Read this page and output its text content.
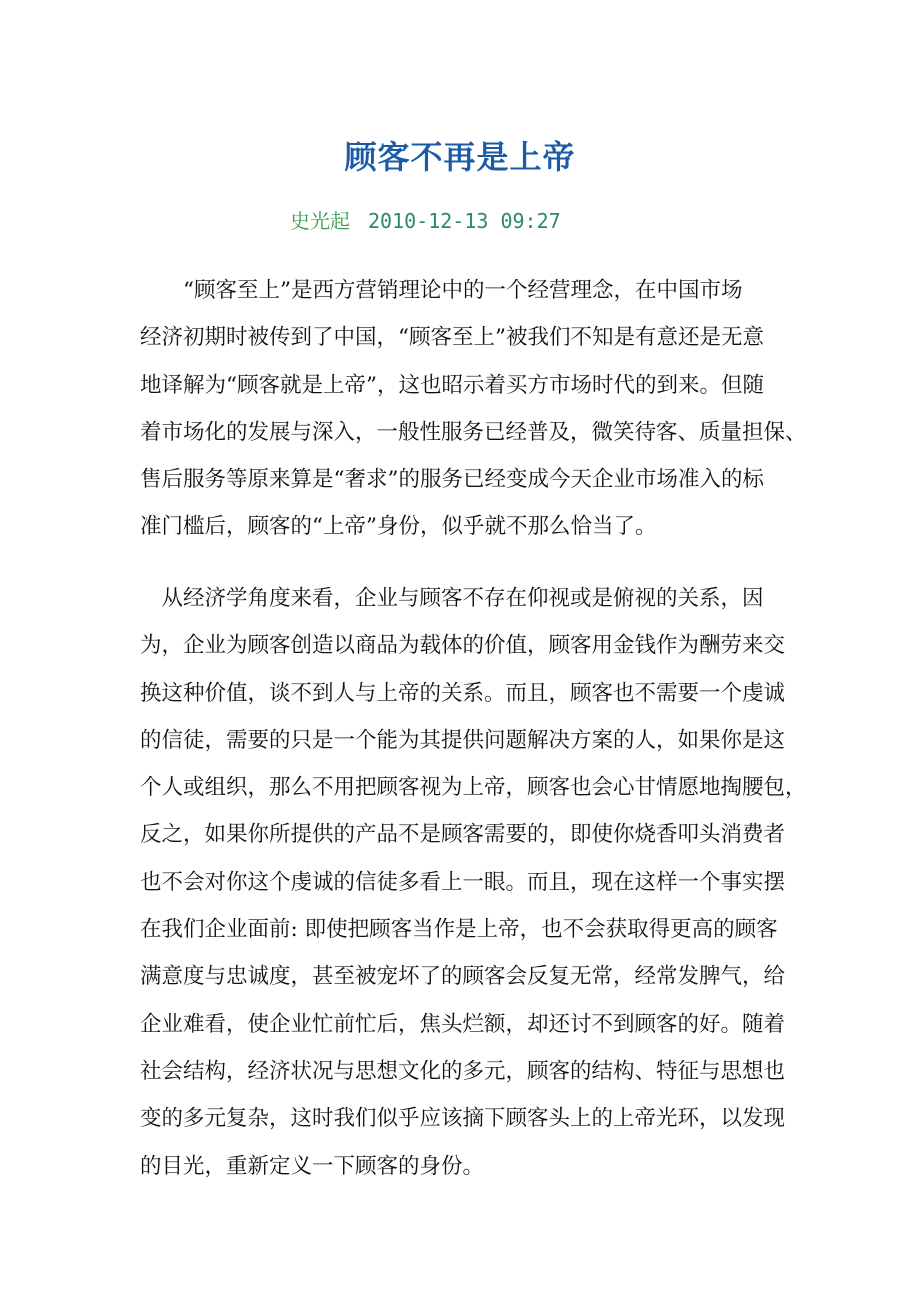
顾客不再是上帝
史光起 2010-12-13 09:27
　　“顾客至上”是西方营销理论中的一个经营理念，在中国市场
经济初期时被传到了中国，“顾客至上”被我们不知是有意还是无意
地译解为“顾客就是上帝”，这也昭示着买方市场时代的到来。但随
着市场化的发展与深入，一般性服务已经普及，微笑待客、质量担保、
售后服务等原来算是“奢求”的服务已经变成今天企业市场准入的标
准门槛后，顾客的“上帝”身份，似乎就不那么恰当了。
　从经济学角度来看，企业与顾客不存在仰视或是俯视的关系，因
为，企业为顾客创造以商品为载体的价值，顾客用金钱作为酬劳来交
换这种价值，谈不到人与上帝的关系。而且，顾客也不需要一个虔诚
的信徒，需要的只是一个能为其提供问题解决方案的人，如果你是这
个人或组织，那么不用把顾客视为上帝，顾客也会心甘情愿地掏腰包，
反之，如果你所提供的产品不是顾客需要的，即使你烧香叩头消费者
也不会对你这个虔诚的信徒多看上一眼。而且，现在这样一个事实摆
在我们企业面前: 即使把顾客当作是上帝，也不会获取得更高的顾客
满意度与忠诚度，甚至被宠坏了的顾客会反复无常，经常发脾气，给
企业难看，使企业忙前忙后，焦头烂额，却还讨不到顾客的好。随着
社会结构，经济状况与思想文化的多元，顾客的结构、特征与思想也
变的多元复杂，这时我们似乎应该摘下顾客头上的上帝光环，以发现
的目光，重新定义一下顾客的身份。
